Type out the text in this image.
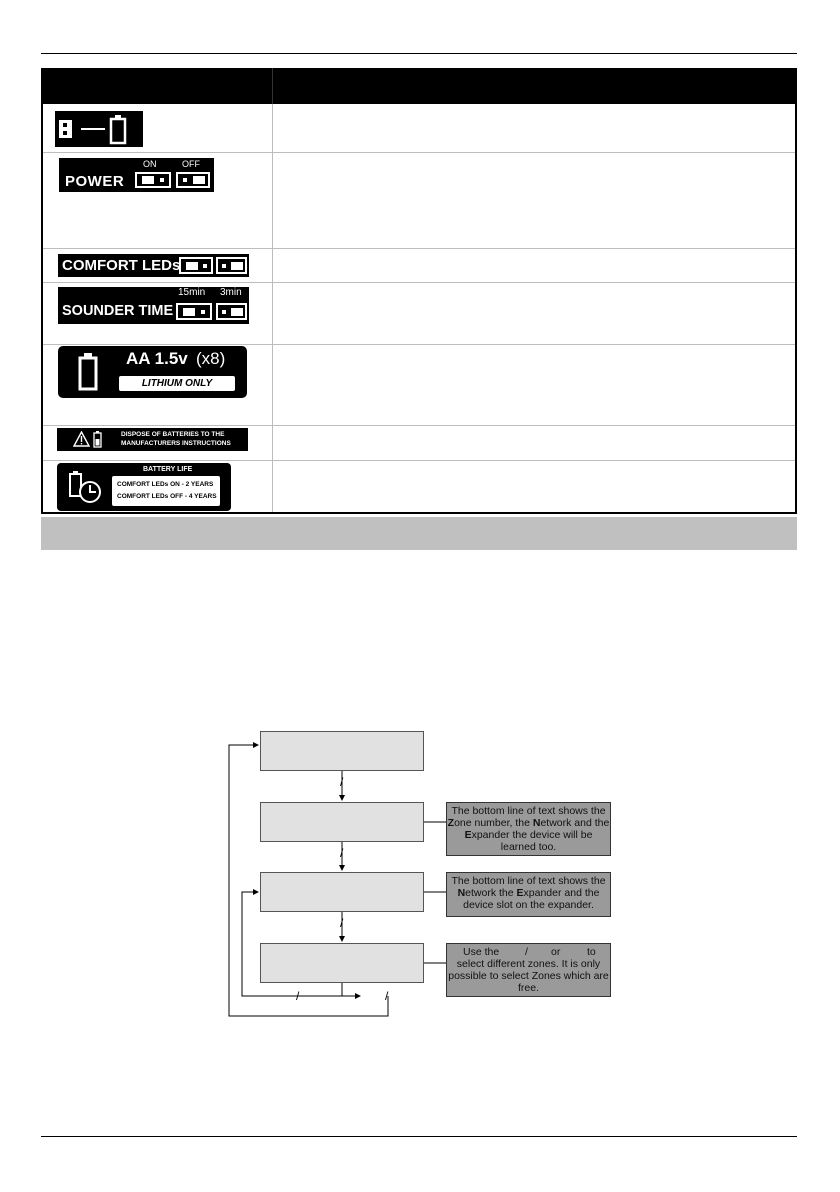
POWER
ON	OFF
COMFORT LEDs
SOUNDER TIME
15min 3min
AA 1.5v (x8)
LITHIUM ONLY
DISPOSE OF BATTERIES TO THE
MANUFACTURERS INSTRUCTIONS
BATTERY LIFE
COMFORT LEDs ON - 2 YEARS
COMFORT LEDs OFF - 4 YEARS
/
/
/
/	/
The bottom line of text shows the Zone number, the Network and the Expander the device will be learned too.
The bottom line of text shows the Network the Expander and the device slot on the expander.
Use the / or	to
select different zones. It is only possible to select Zones which are free.
